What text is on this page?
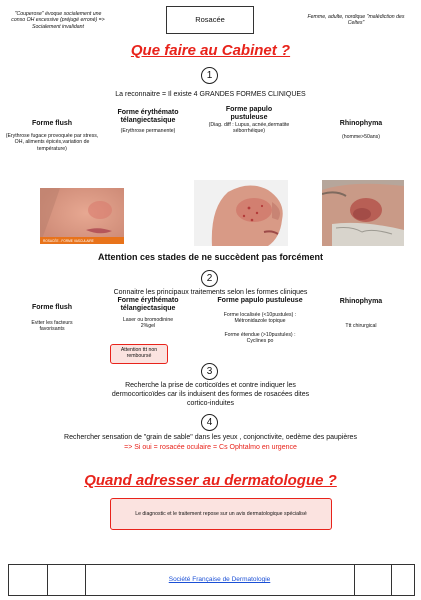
"Couperose" évoque socialement une conso OH excessive (préjugé erroné) => Socialement invalidant
Rosacée	Femme, adulte, nordique "malédiction des Celtes"
Que faire au Cabinet ?
1
La reconnaitre = Il existe 4 GRANDES FORMES CLINIQUES
Forme flush
(Erythrose fugace provoquée par stress, OH, aliments épicés,variation de température)
Forme érythémato télangiectasique
(Erythrose permanente)
Forme papulo pustuleuse
(Diag. diff : Lupus, acnée,dermatite séborrhéique)
Rhinophyma
(homme>50ans)
ROSACÉE - FORME VASCULAIRE
Attention ces stades de ne succèdent pas forcément
2
Connaitre les principaux traitements selon les formes cliniques
Forme flush
Eviter les facteurs favorisants
Forme érythémato télangiectasique
Laser ou bromodinine 2%gel
Attention ttt non remboursé
Forme papulo pustuleuse
Forme localisée (<10pustules) : Métronidazole topique
Forme étendue (>10pustules) : Cyclines po
Rhinophyma
Ttt chirurgical
3
Recherche la prise de corticoïdes et contre indiquer les dermocorticoïdes car ils induisent des formes de rosacées dites cortico-induites
4
Rechercher sensation de "grain de sable" dans les yeux , conjonctivite, oedème des paupières
=> Si oui = rosacée oculaire = Cs Ophtalmo en urgence
Quand adresser au dermatologue ?
Le diagnostic et le traitement repose sur un avis dermatologique spécialisé
Société Française de Dermatologie
